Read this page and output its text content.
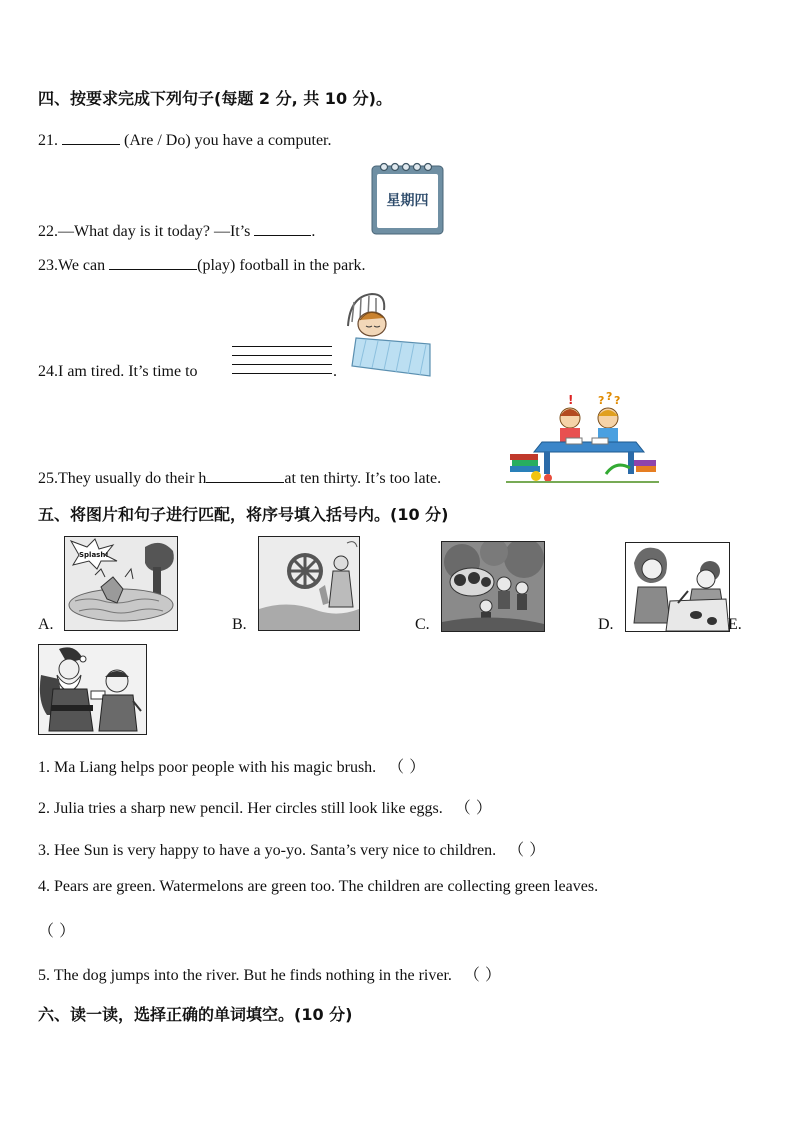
四、按要求完成下列句子(每题 2 分, 共 10 分)。
21.	(Are / Do) you have a computer.
星期四
22.—What day is it today? —It’s	.
23.We can	(play) football in the park.
24.I am tired. It’s time to	.
! ? ? ?
25.They usually do their h	at ten thirty. It’s too late.
五、将图片和句子进行匹配，将序号填入括号内。(10 分)
A.
Splash!
B.	C.	D.	E.
1. Ma Liang helps poor people with his magic brush. （ ）
2. Julia tries a sharp new pencil. Her circles still look like eggs. （ ）
3. Hee Sun is very happy to have a yo-yo. Santa’s very nice to children. （ ）
4. Pears are green. Watermelons are green too. The children are collecting green leaves.
（ ）
5. The dog jumps into the river. But he finds nothing in the river. （ ）
六、读一读，选择正确的单词填空。(10 分)
